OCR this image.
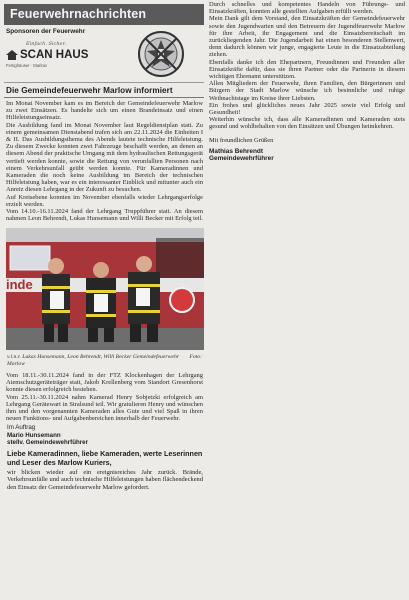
Feuerwehrnachrichten
Sponsoren der Feuerwehr
Einfach. Sicher.
SCAN HAUS
Fertighäuser · Marlow
Die Gemeindefeuerwehr Marlow informiert

Im Monat November kam es im Bereich der Gemeindefeuerwehr Marlow zu zwei Einsätzen. Es handelte sich um einen Brandeinsatz und einen Hilfeleistungseinsatz.

Die Ausbildung fand im Monat November laut Regeldienstplan statt. Zu einem gemeinsamen Dienstabend trafen sich am 22.11.2024 die Einheiten I & II. Das Ausbildungsthema des Abends lautete technische Hilfeleistung. Zu diesem Zwecke konnten zwei Fahrzeuge beschafft werden, an denen an diesem Abend der praktische Umgang mit dem hydraulischen Rettungsgerät vertieft werden konnte, sowie die Rettung von verunfallten Personen nach einem Verkehrsunfall geübt werden konnte. Für Kameradinnen und Kameraden die noch keine Ausbildung im Bereich der technischen Hilfeleistung haben, war es ein interessanter Einblick und mitunter auch ein Anreiz diesen Lehrgang in der Zukunft zu besuchen.

Auf Kreisebene konnten im November ebenfalls wieder Lehrgangserfolge erzielt werden.

Vom 14.10.-16.11.2024 fand der Lehrgang Truppführer statt. An diesem nahmen Leon Behrendt, Lukas Hunsemann und Willi Becker mit Erfolg teil.

inde
Foto:
v.l.n.r. Lukas Hunsemann, Leon Behrendt, Willi Becker Gemeindefeuerwehr Marlow

Vom 18.11.-30.11.2024 fand in der FTZ Klockenhagen der Lehrgang Atemschutzgeräteträger statt, Jakob Krellenberg vom Standort Gresenhorst konnte diesen erfolgreich bestehen.

Vom 25.11.-30.11.2024 nahm Kamerad Henry Sobjetzki erfolgreich am Lehrgang Gerätewart in Stralsund teil. Wir gratulieren Henry und wünschen ihm und den vorgenannten Kameraden alles Gute und viel Spaß in ihren neuen Funktions- und Aufgabenbereichen innerhalb der Feuerwehr.

Im Auftrag
Mario Hunsemann
stellv. Gemeindewehrführer
Liebe Kameradinnen, liebe Kameraden, werte Leserinnen und Leser des Marlow Kuriers,
wir blicken wieder auf ein ereignisreiches Jahr zurück. Brände, Verkehrsunfälle und auch technische Hilfeleistungen haben flächendeckend den Einsatz der Gemeindefeuerwehr Marlow gefordert.

Durch schnelles und kompetentes Handeln von Führungs- und Einsatzkräften, konnten alle gestellten Aufgaben erfüllt werden.

Mein Dank gilt dem Vorstand, den Einsatzkräften der Gemeindefeuerwehr sowie den Jugendwarten und den Betreuern der Jugendfeuerwehr Marlow für ihre Arbeit, ihr Engagement und die Einsatzbereitschaft im zurückliegenden Jahr. Die Jugendarbeit hat einen besonderen Stellenwert, denn dadurch können wir junge, engagierte Leute in die Einsatzabteilung ziehen.

Ebenfalls danke ich den Ehepartnern, Freundinnen und Freunden aller Einsatzkräfte dafür, dass sie ihren Partner oder die Partnerin in diesem wichtigen Ehrenamt unterstützen.

Allen Mitgliedern der Feuerwehr, ihren Familien, den Bürgerinnen und Bürgern der Stadt Marlow wünsche ich besinnliche und ruhige Weihnachtstage im Kreise ihrer Liebsten.

Ein frohes und glückliches neues Jahr 2025 sowie viel Erfolg und Gesundheit!

Weiterhin wünsche ich, dass alle Kameradinnen und Kameraden stets gesund und wohlbehalten von den Einsätzen und Übungen heimkehren.

Mit freundlichen Grüßen
Mathias Behrendt
Gemeindewehrführer
